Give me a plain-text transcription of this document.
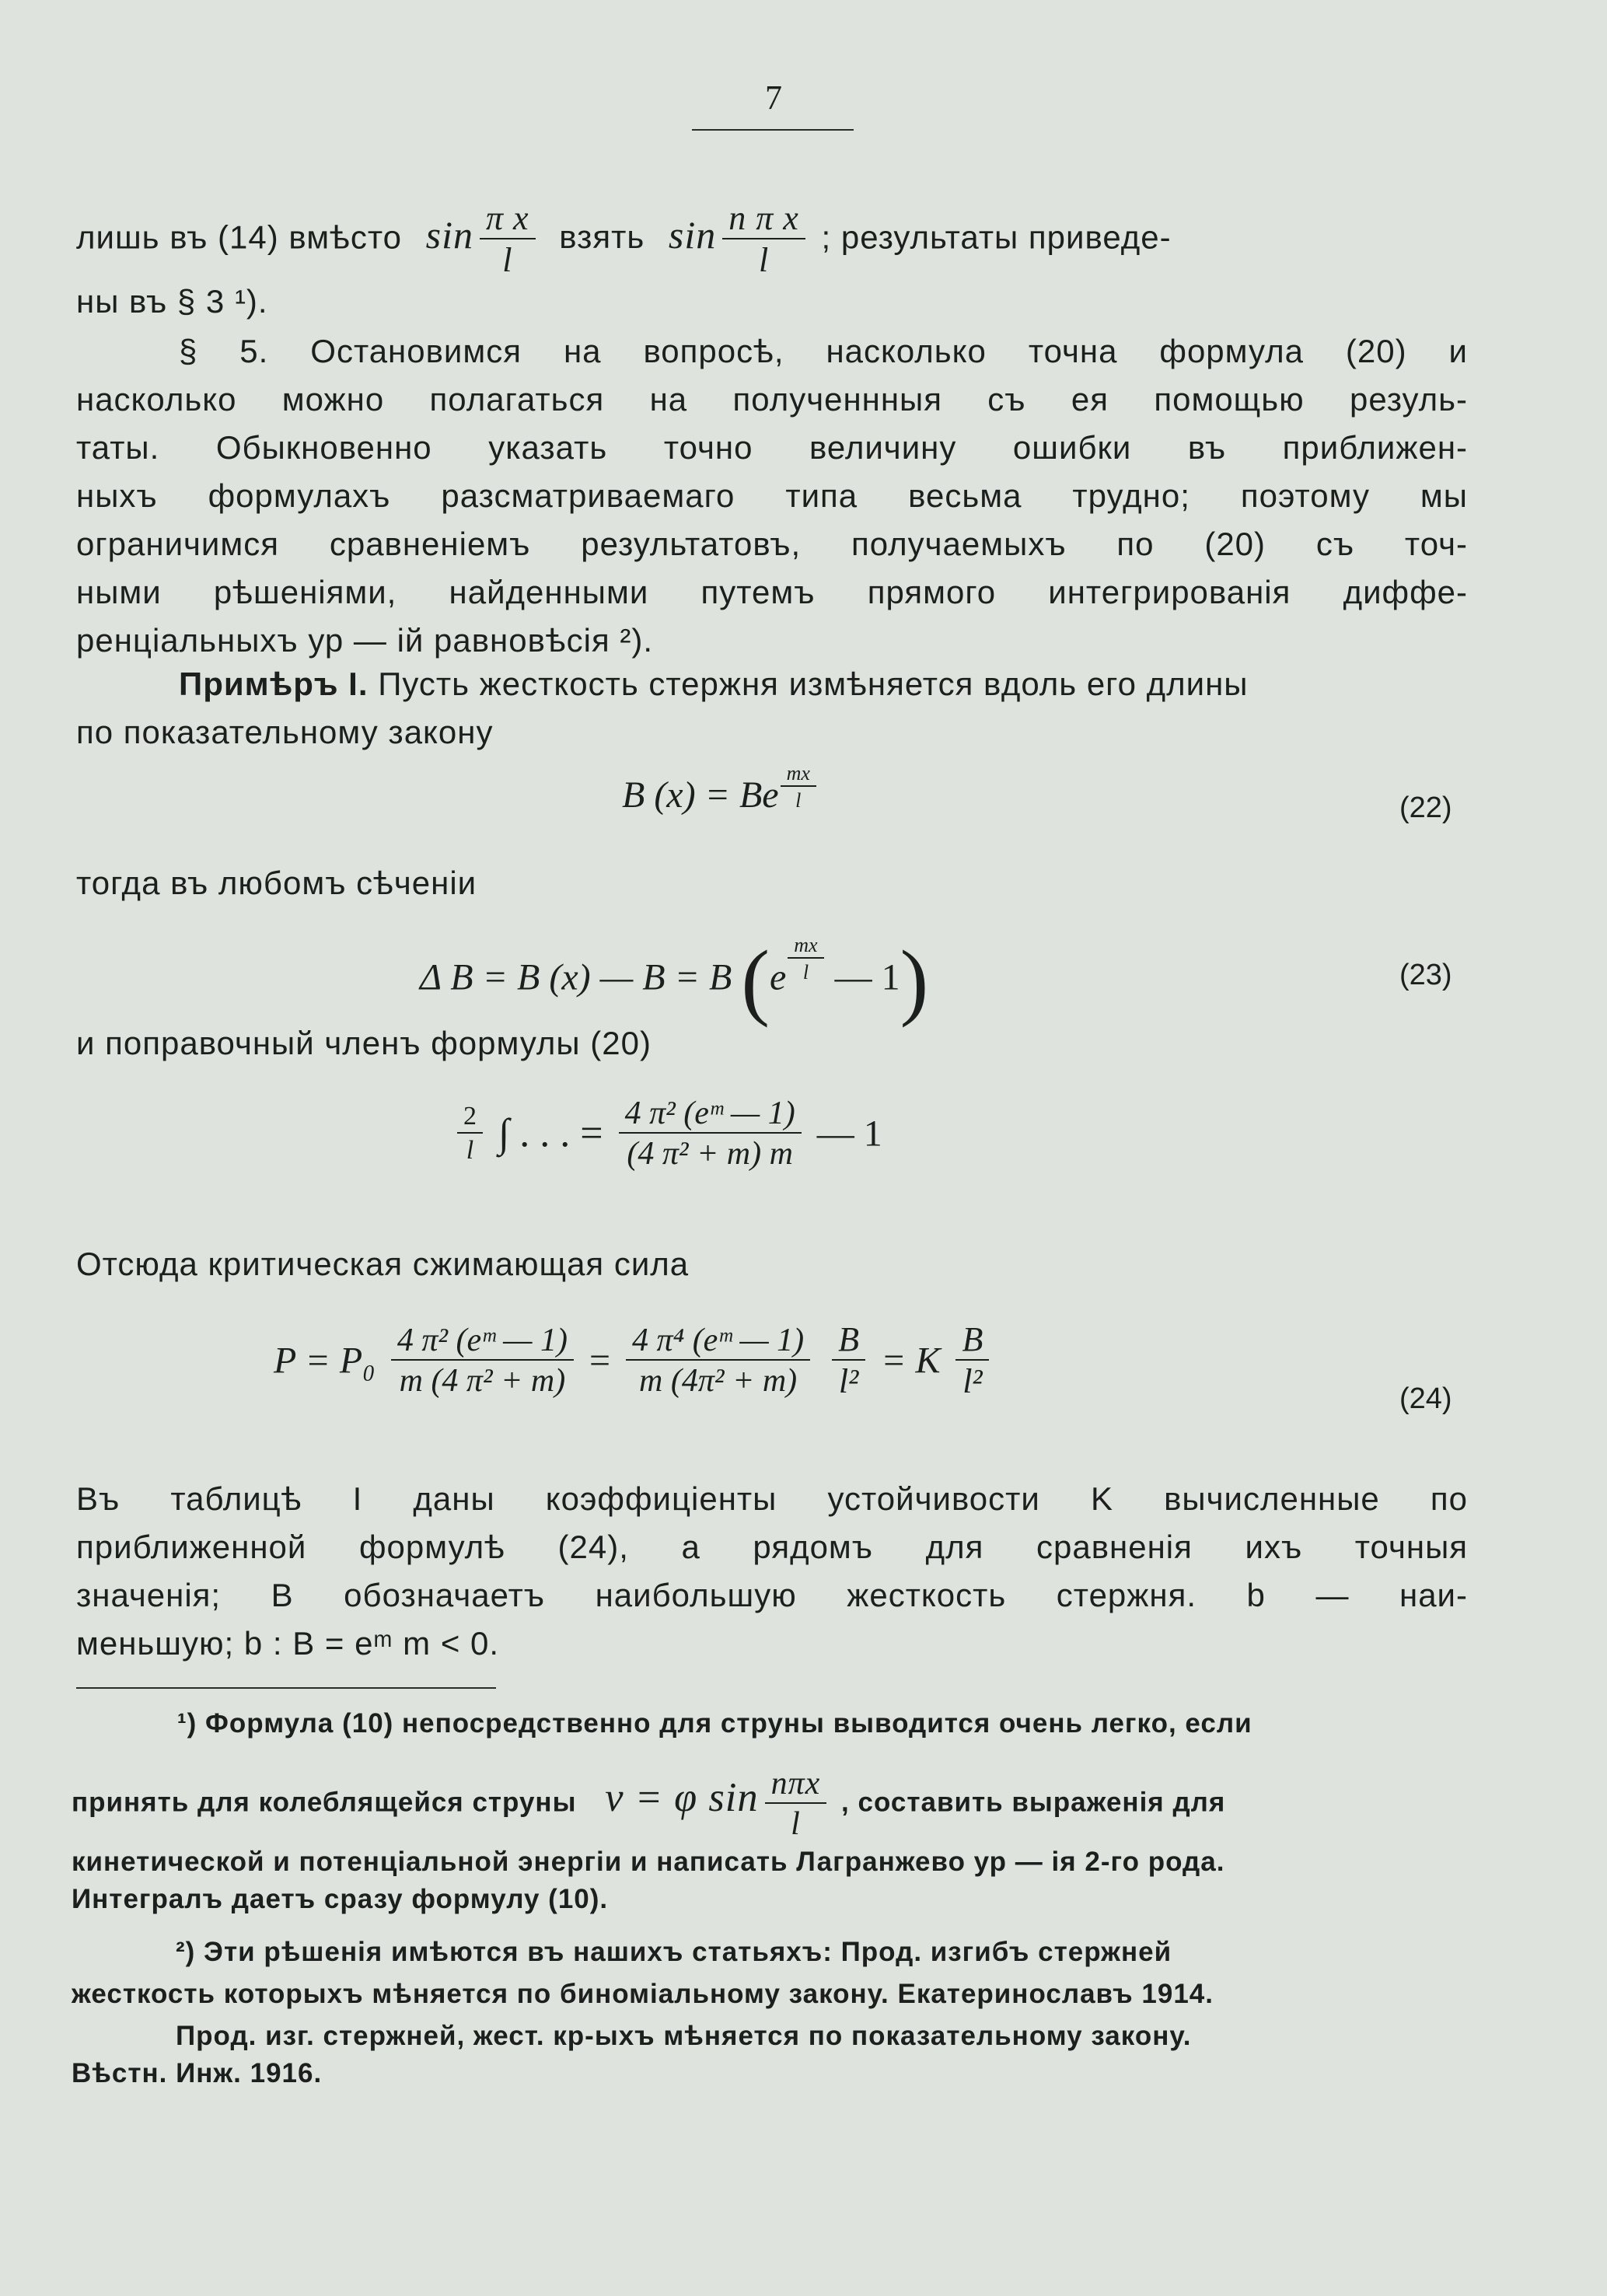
7
лишь въ (14) вмѣсто $\sin \frac{\text{π x}}{l}$ взять $\sin \frac{\text{n π x}}{l}$ ; результаты приведе-
ны въ § 3 ¹).
§ 5. Остановимся на вопросѣ, насколько точна формула (20) и
насколько можно полагаться на полученнныя съ ея помощью резуль-
таты. Обыкновенно указать точно величину ошибки въ приближен-
ныхъ формулахъ разсматриваемаго типа весьма трудно; поэтому мы
ограничимся сравненіемъ результатовъ, получаемыхъ по (20) съ точ-
ными рѣшеніями, найденными путемъ прямого интегрированія диффе-
ренціальныхъ ур — ій равновѣсія ²).
Примѣръ I. Пусть жесткость стержня измѣняется вдоль его длины
по показательному закону
B (x) = Be $\frac{mx}{l}$	(22)
тогда въ любомъ сѣченіи
Δ B = B (x) — B = B ($e \frac{mx}{l}$ — 1)	(23)
и поправочный членъ формулы (20)
$\frac{2}{l}$ ∫ . . . = $\frac{\text{4 π² (eᵐ — 1)}}{\text{(4 π² + m) m}}$ — 1
Отсюда критическая сжимающая сила
$P = P_0 \frac{\text{4 π² (eᵐ — 1)}}{\text{m (4 π² + m)}} = \frac{\text{4 π⁴ (eᵐ — 1)}}{\text{m (4π² + m)}}$
$\frac{B}{\text{l²}} = K \frac{B}{\text{l²}}$	(24)
Въ таблицѣ I даны коэффиціенты устойчивости K вычисленные по
приближенной формулѣ (24), а рядомъ для сравненія ихъ точныя
значенія; B обозначаетъ наибольшую жесткость стержня. b — наи-
меньшую; b : B = eᵐ m < 0.
¹) Формула (10) непосредственно для струны выводится очень легко, если
принять для колеблящейся струны v = φ $\sin \frac{\text{nπx}}{l}$ , составить выраженія для
кинетической и потенціальной энергіи и написать Лагранжево ур — ія 2-го рода.
Интегралъ даетъ сразу формулу (10).
²) Эти рѣшенія имѣются въ нашихъ статьяхъ: Прод. изгибъ стержней
жесткость которыхъ мѣняется по биноміальному закону. Екатеринославъ 1914.
Прод. изг. стержней, жест. кр-ыхъ мѣняется по показательному закону.
Вѣстн. Инж. 1916.
